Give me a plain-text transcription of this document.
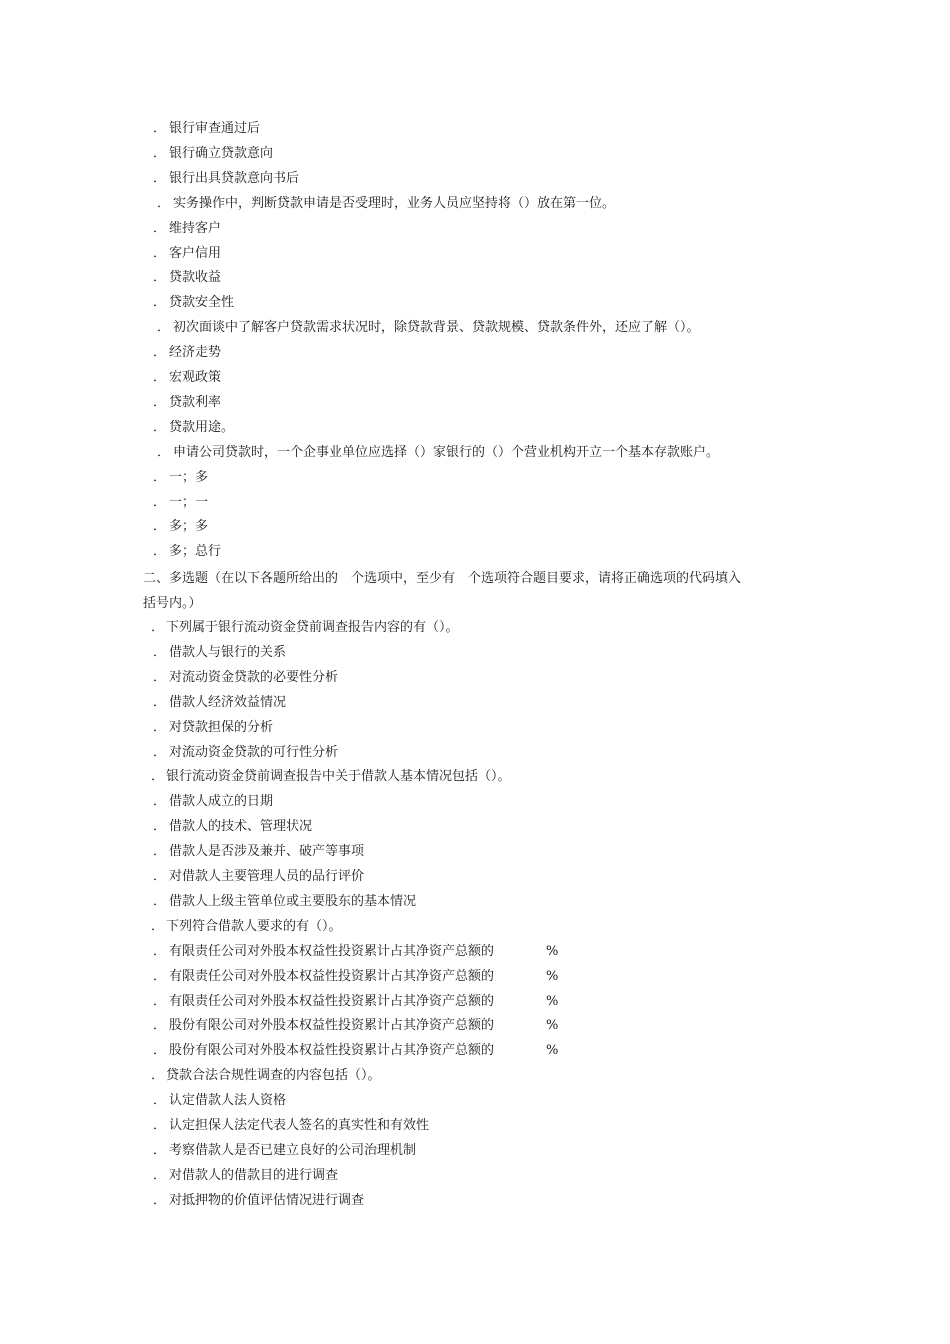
． 银行审查通过后
． 银行确立贷款意向
． 银行出具贷款意向书后
． 实务操作中，判断贷款申请是否受理时，业务人员应坚持将（）放在第一位。
． 维持客户
． 客户信用
． 贷款收益
． 贷款安全性
． 初次面谈中了解客户贷款需求状况时，除贷款背景、贷款规模、贷款条件外，还应了解（）。
． 经济走势
． 宏观政策
． 贷款利率
． 贷款用途。
． 申请公司贷款时，一个企事业单位应选择（）家银行的（）个营业机构开立一个基本存款账户。
． 一；多
． 一；一
． 多；多
． 多；总行
． 下列属于银行流动资金贷前调查报告内容的有（）。
． 借款人与银行的关系
． 对流动资金贷款的必要性分析
． 借款人经济效益情况
． 对贷款担保的分析
． 对流动资金贷款的可行性分析
． 银行流动资金贷前调查报告中关于借款人基本情况包括（）。
． 借款人成立的日期
． 借款人的技术、管理状况
． 借款人是否涉及兼并、破产等事项
． 对借款人主要管理人员的品行评价
． 借款人上级主管单位或主要股东的基本情况
． 下列符合借款人要求的有（）。
． 有限责任公司对外股本权益性投资累计占其净资产总额的	%
． 有限责任公司对外股本权益性投资累计占其净资产总额的	%
． 有限责任公司对外股本权益性投资累计占其净资产总额的	%
． 股份有限公司对外股本权益性投资累计占其净资产总额的	%
． 股份有限公司对外股本权益性投资累计占其净资产总额的	%
． 贷款合法合规性调查的内容包括（）。
． 认定借款人法人资格
． 认定担保人法定代表人签名的真实性和有效性
． 考察借款人是否已建立良好的公司治理机制
． 对借款人的借款目的进行调查
． 对抵押物的价值评估情况进行调查
二、多选题（在以下各题所给出的　个选项中，至少有　个选项符合题目要求，请将正确选项的代码填入
括号内。）
